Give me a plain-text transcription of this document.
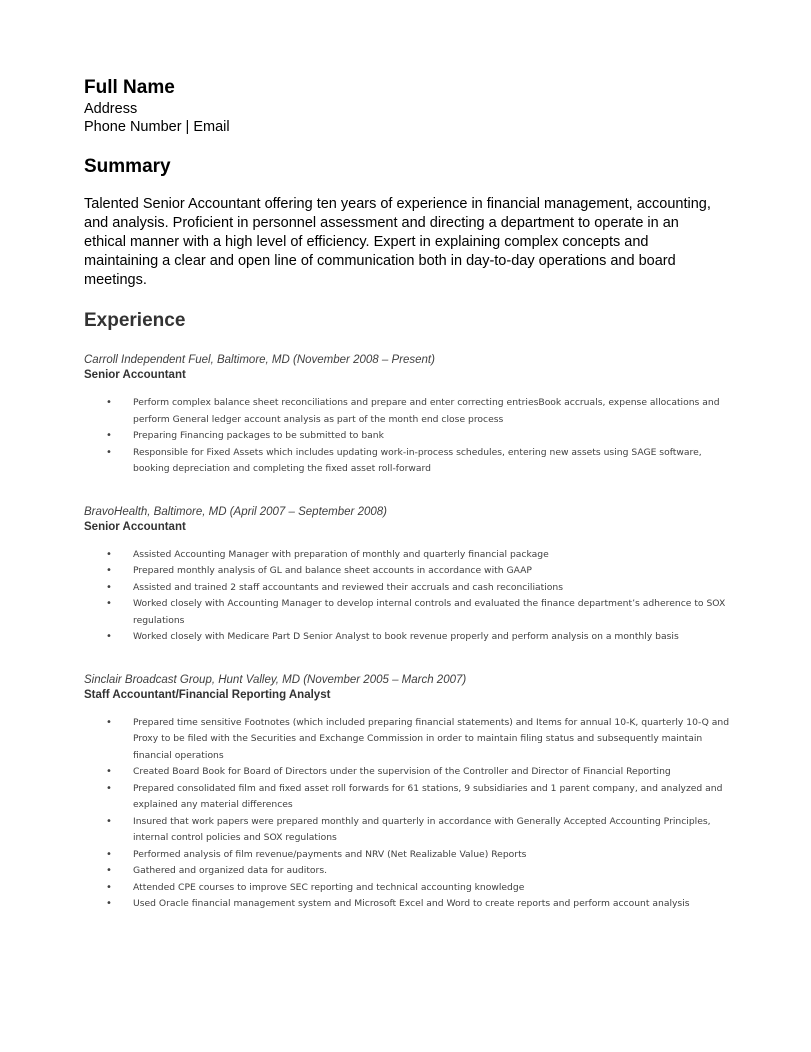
Full Name

Address

Phone Number | Email

Summary

Talented Senior Accountant offering ten years of experience in financial management, accounting, and analysis. Proficient in personnel assessment and directing a department to operate in an ethical manner with a high level of efficiency. Expert in explaining complex concepts and maintaining a clear and open line of communication both in day-to-day operations and board meetings.

Experience

Carroll Independent Fuel, Baltimore, MD (November 2008 – Present)

Senior Accountant

• Perform complex balance sheet reconciliations and prepare and enter correcting entriesBook accruals, expense allocations and perform General ledger account analysis as part of the month end close process
• Preparing Financing packages to be submitted to bank
• Responsible for Fixed Assets which includes updating work-in-process schedules, entering new assets using SAGE software, booking depreciation and completing the fixed asset roll-forward

BravoHealth, Baltimore, MD (April 2007 – September 2008)

Senior Accountant

• Assisted Accounting Manager with preparation of monthly and quarterly financial package
• Prepared monthly analysis of GL and balance sheet accounts in accordance with GAAP
• Assisted and trained 2 staff accountants and reviewed their accruals and cash reconciliations
• Worked closely with Accounting Manager to develop internal controls and evaluated the finance department’s adherence to SOX regulations
• Worked closely with Medicare Part D Senior Analyst to book revenue properly and perform analysis on a monthly basis

Sinclair Broadcast Group, Hunt Valley, MD (November 2005 – March 2007)

Staff Accountant/Financial Reporting Analyst

• Prepared time sensitive Footnotes (which included preparing financial statements) and Items for annual 10-K, quarterly 10-Q and Proxy to be filed with the Securities and Exchange Commission in order to maintain filing status and subsequently maintain financial operations
• Created Board Book for Board of Directors under the supervision of the Controller and Director of Financial Reporting
• Prepared consolidated film and fixed asset roll forwards for 61 stations, 9 subsidiaries and 1 parent company, and analyzed and explained any material differences
• Insured that work papers were prepared monthly and quarterly in accordance with Generally Accepted Accounting Principles, internal control policies and SOX regulations
• Performed analysis of film revenue/payments and NRV (Net Realizable Value) Reports
• Gathered and organized data for auditors.
• Attended CPE courses to improve SEC reporting and technical accounting knowledge
• Used Oracle financial management system and Microsoft Excel and Word to create reports and perform account analysis
